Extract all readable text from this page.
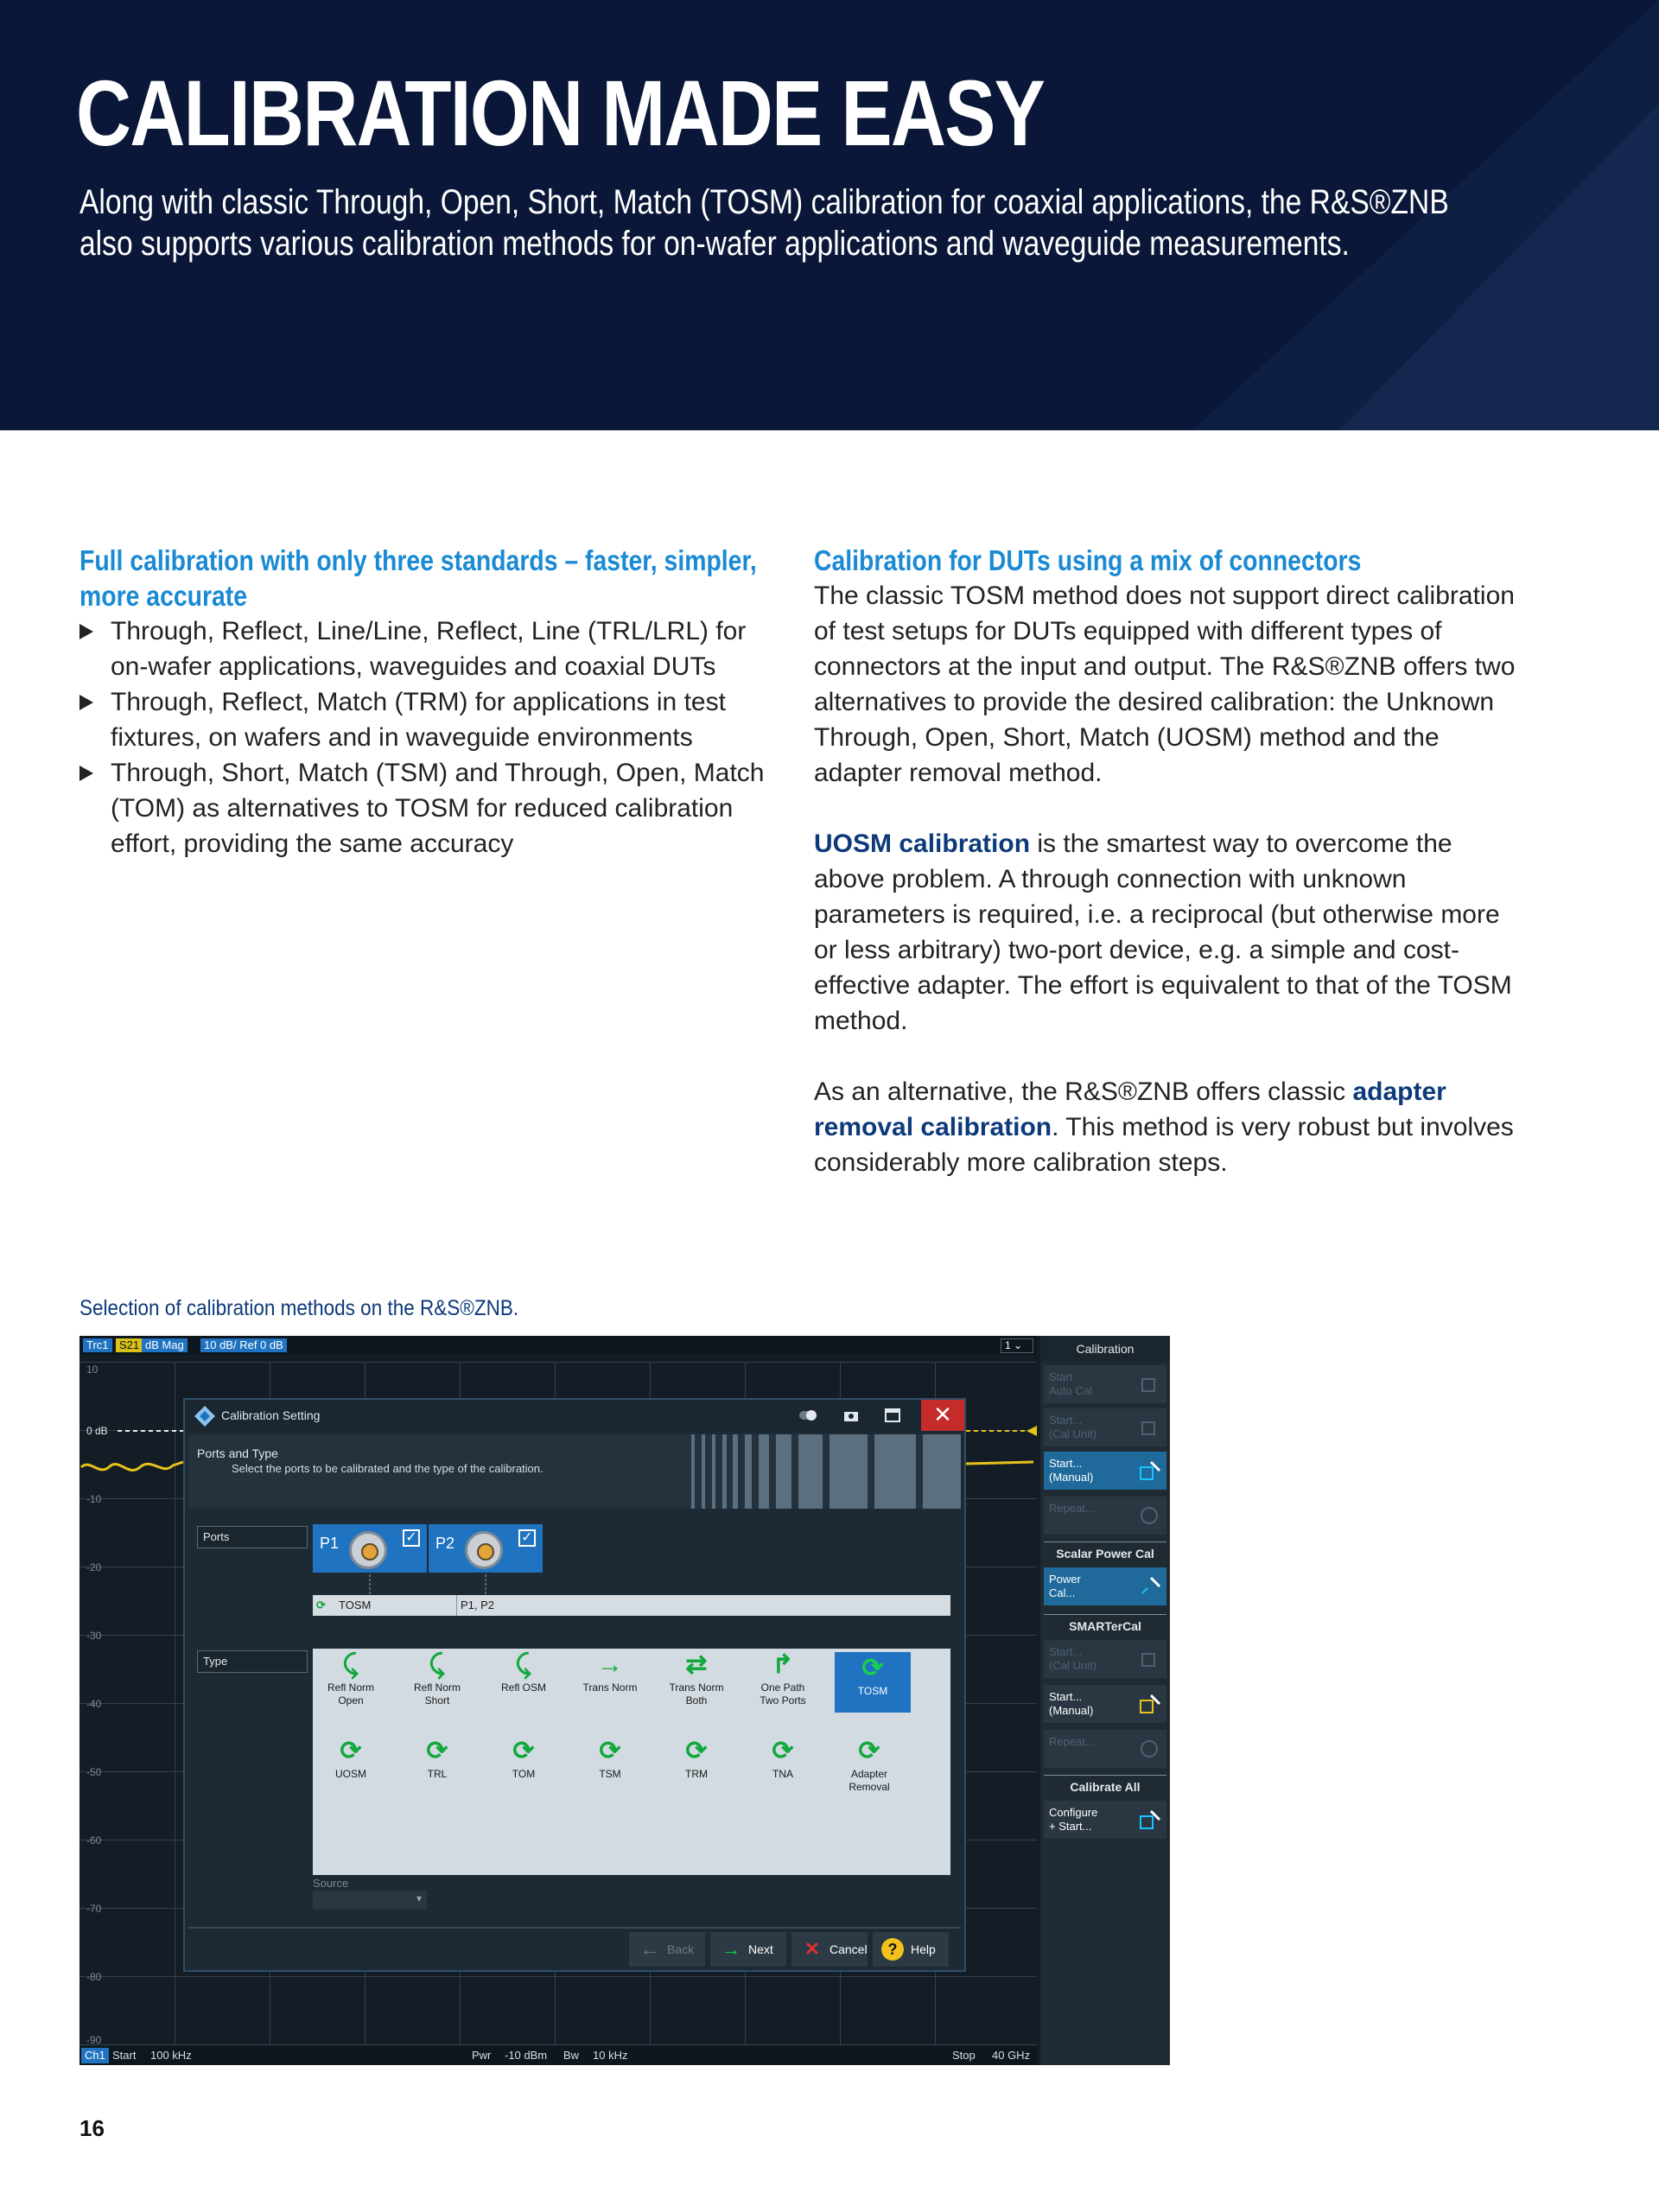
CALIBRATION MADE EASY

Along with classic Through, Open, Short, Match (TOSM) calibration for coaxial applications, the R&S®ZNB
also supports various calibration methods for on-wafer applications and waveguide measurements.

Full calibration with only three standards – faster, simpler, more accurate
Through, Reflect, Line/Line, Reflect, Line (TRL/LRL) for on-wafer applications, waveguides and coaxial DUTs
Through, Reflect, Match (TRM) for applications in test fixtures, on wafers and in waveguide environments
Through, Short, Match (TSM) and Through, Open, Match (TOM) as alternatives to TOSM for reduced calibration effort, providing the same accuracy
Calibration for DUTs using a mix of connectors

The classic TOSM method does not support direct calibration of test setups for DUTs equipped with different types of connectors at the input and output. The R&S®ZNB offers two alternatives to provide the desired calibration: the Unknown Through, Open, Short, Match (UOSM) method and the adapter removal method.

UOSM calibration is the smartest way to overcome the above problem. A through connection with unknown parameters is required, i.e. a reciprocal (but otherwise more or less arbitrary) two-port device, e.g. a simple and cost-effective adapter. The effort is equivalent to that of the TOSM method.

As an alternative, the R&S®ZNB offers classic adapter removal calibration. This method is very robust but involves considerably more calibration steps.

Selection of calibration methods on the R&S®ZNB.
Trc1 S21 dB Mag	10 dB/ Ref 0 dB	1 ⌄
10
0 dB
-10
-20
-30
-40
-50
-60
-70
-80
-90
Ch1 Start 100 kHz	Pwr -10 dBm Bw 10 kHz	Stop 40 GHz
Calibration
Start
Auto Cal
Start...
(Cal Unit)
Start...
(Manual)
Repeat...
Scalar Power Cal
Power
Cal...
SMARTerCal
Start...
(Cal Unit)
Start...
(Manual)
Repeat...
Calibrate All
Configure
+ Start...
Calibration Setting	✕
Ports and Type
Select the ports to be calibrated and the type of the calibration.
Ports	P1	✓ P2	✓
⟳ TOSM	P1, P2
Type	⤹
Refl Norm
Open
⤹
Refl Norm
Short
⤹
Refl OSM
→
Trans Norm
⇄
Trans Norm
Both
↱
One Path
Two Ports
⟳
TOSM
⟳
UOSM
⟳
TRL
⟳
TOM
⟳
TSM
⟳
TRM
⟳
TNA
⟳
Adapter
Removal
Source
▾
← Back	→ Next	✕ Cancel	?	Help
16
